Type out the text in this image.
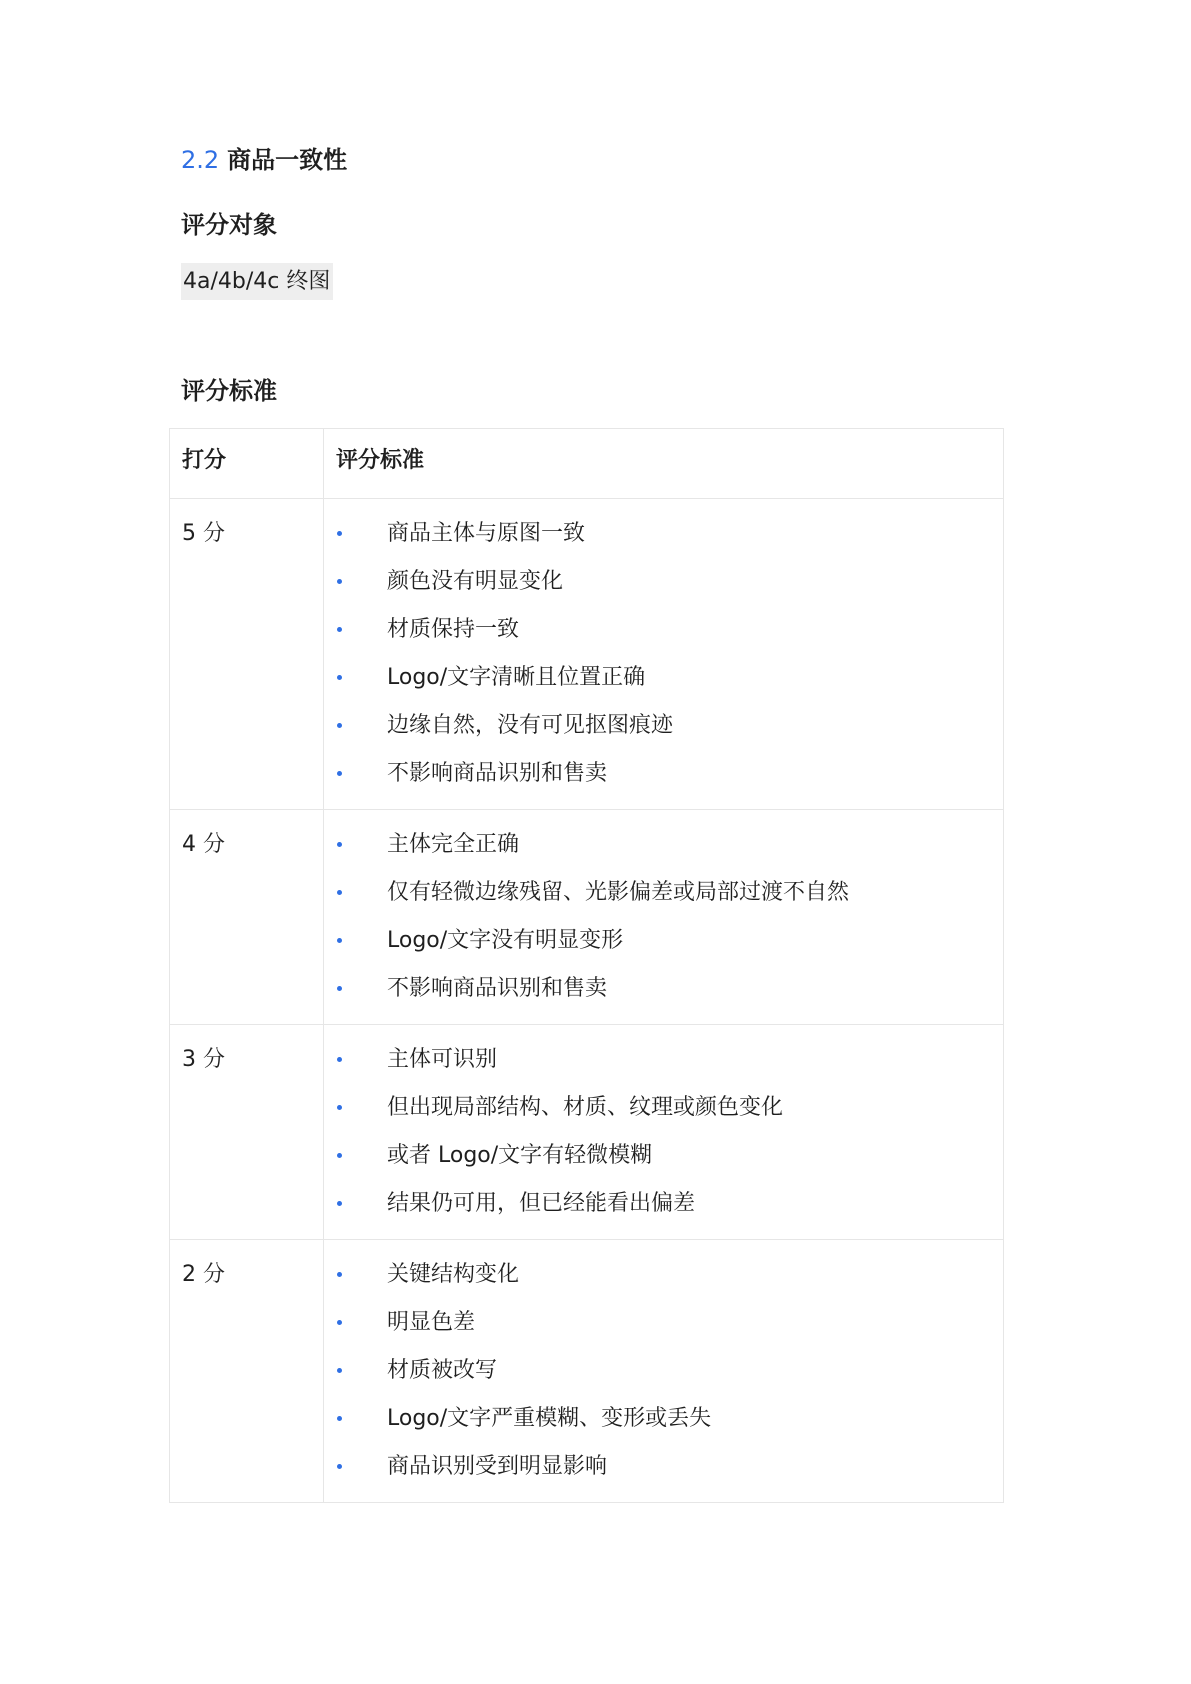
2.2 商品一致性
评分对象
4a/4b/4c 终图
评分标准
打分	评分标准
5 分	商品主体与原图一致
颜色没有明显变化
材质保持一致
Logo/文字清晰且位置正确
边缘自然，没有可见抠图痕迹
不影响商品识别和售卖
4 分	主体完全正确
仅有轻微边缘残留、光影偏差或局部过渡不自然
Logo/文字没有明显变形
不影响商品识别和售卖
3 分	主体可识别
但出现局部结构、材质、纹理或颜色变化
或者 Logo/文字有轻微模糊
结果仍可用，但已经能看出偏差
2 分	关键结构变化
明显色差
材质被改写
Logo/文字严重模糊、变形或丢失
商品识别受到明显影响
